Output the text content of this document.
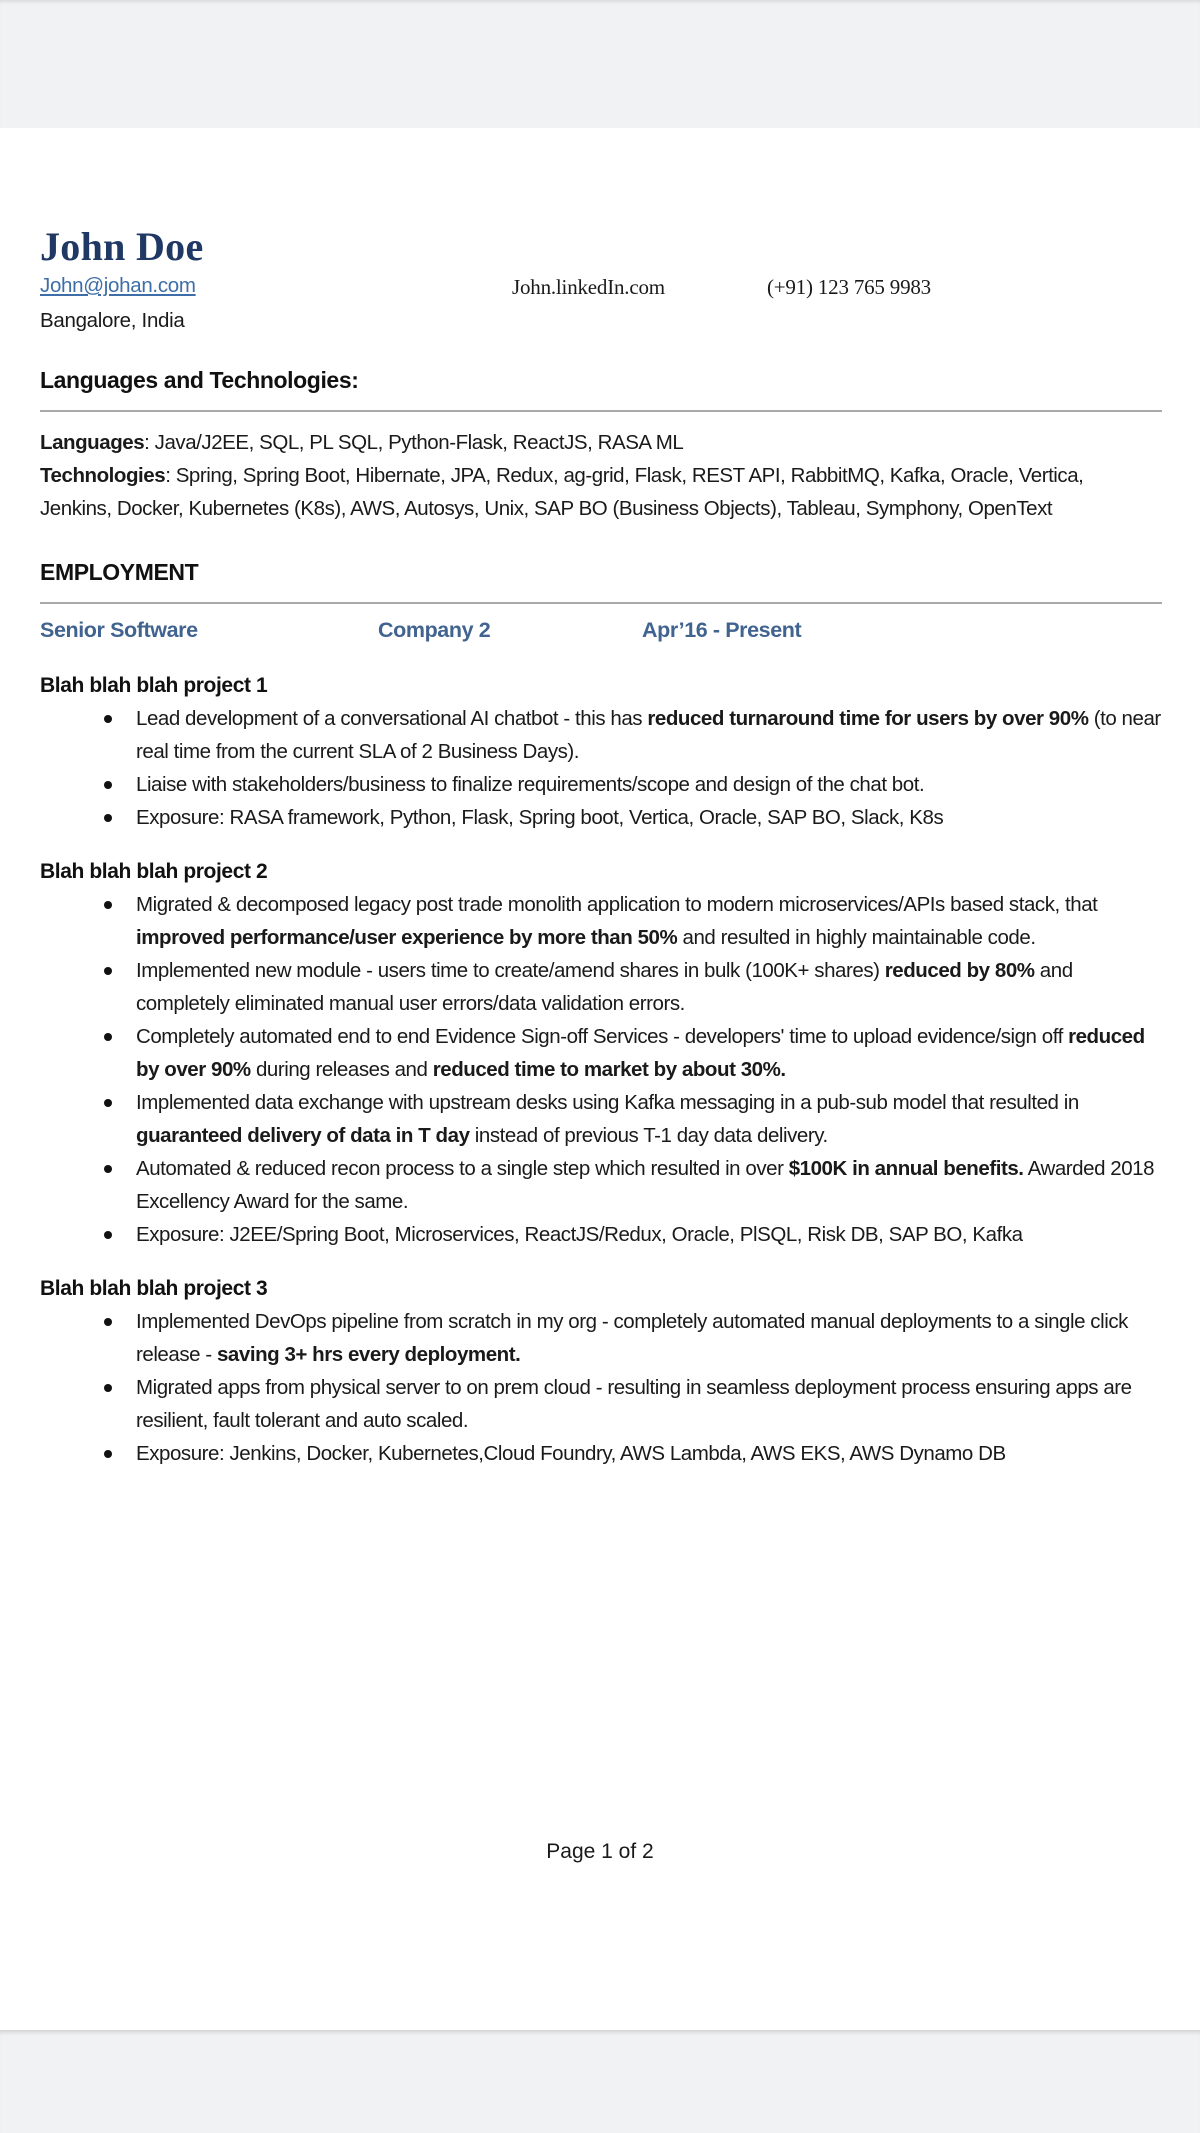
John Doe
John@johan.com	John.linkedIn.com	(+91) 123 765 9983
Bangalore, India
Languages and Technologies:
Languages: Java/J2EE, SQL, PL SQL, Python-Flask, ReactJS, RASA ML
Technologies: Spring, Spring Boot, Hibernate, JPA, Redux, ag-grid, Flask, REST API, RabbitMQ, Kafka, Oracle, Vertica, Jenkins, Docker, Kubernetes (K8s), AWS, Autosys, Unix, SAP BO (Business Objects), Tableau, Symphony, OpenText
EMPLOYMENT
Senior Software	Company 2	Apr’16 - Present
Blah blah blah project 1
Lead development of a conversational AI chatbot - this has reduced turnaround time for users by over 90% (to near real time from the current SLA of 2 Business Days).
Liaise with stakeholders/business to finalize requirements/scope and design of the chat bot.
Exposure: RASA framework, Python, Flask, Spring boot, Vertica, Oracle, SAP BO, Slack, K8s
Blah blah blah project 2
Migrated & decomposed legacy post trade monolith application to modern microservices/APIs based stack, that improved performance/user experience by more than 50% and resulted in highly maintainable code.
Implemented new module - users time to create/amend shares in bulk (100K+ shares) reduced by 80% and completely eliminated manual user errors/data validation errors.
Completely automated end to end Evidence Sign-off Services - developers' time to upload evidence/sign off reduced by over 90% during releases and reduced time to market by about 30%.
Implemented data exchange with upstream desks using Kafka messaging in a pub-sub model that resulted in guaranteed delivery of data in T day instead of previous T-1 day data delivery.
Automated & reduced recon process to a single step which resulted in over $100K in annual benefits. Awarded 2018 Excellency Award for the same.
Exposure: J2EE/Spring Boot, Microservices, ReactJS/Redux, Oracle, PlSQL, Risk DB, SAP BO, Kafka
Blah blah blah project 3
Implemented DevOps pipeline from scratch in my org - completely automated manual deployments to a single click release - saving 3+ hrs every deployment.
Migrated apps from physical server to on prem cloud - resulting in seamless deployment process ensuring apps are resilient, fault tolerant and auto scaled.
Exposure: Jenkins, Docker, Kubernetes,Cloud Foundry, AWS Lambda, AWS EKS, AWS Dynamo DB
Page 1 of 2
